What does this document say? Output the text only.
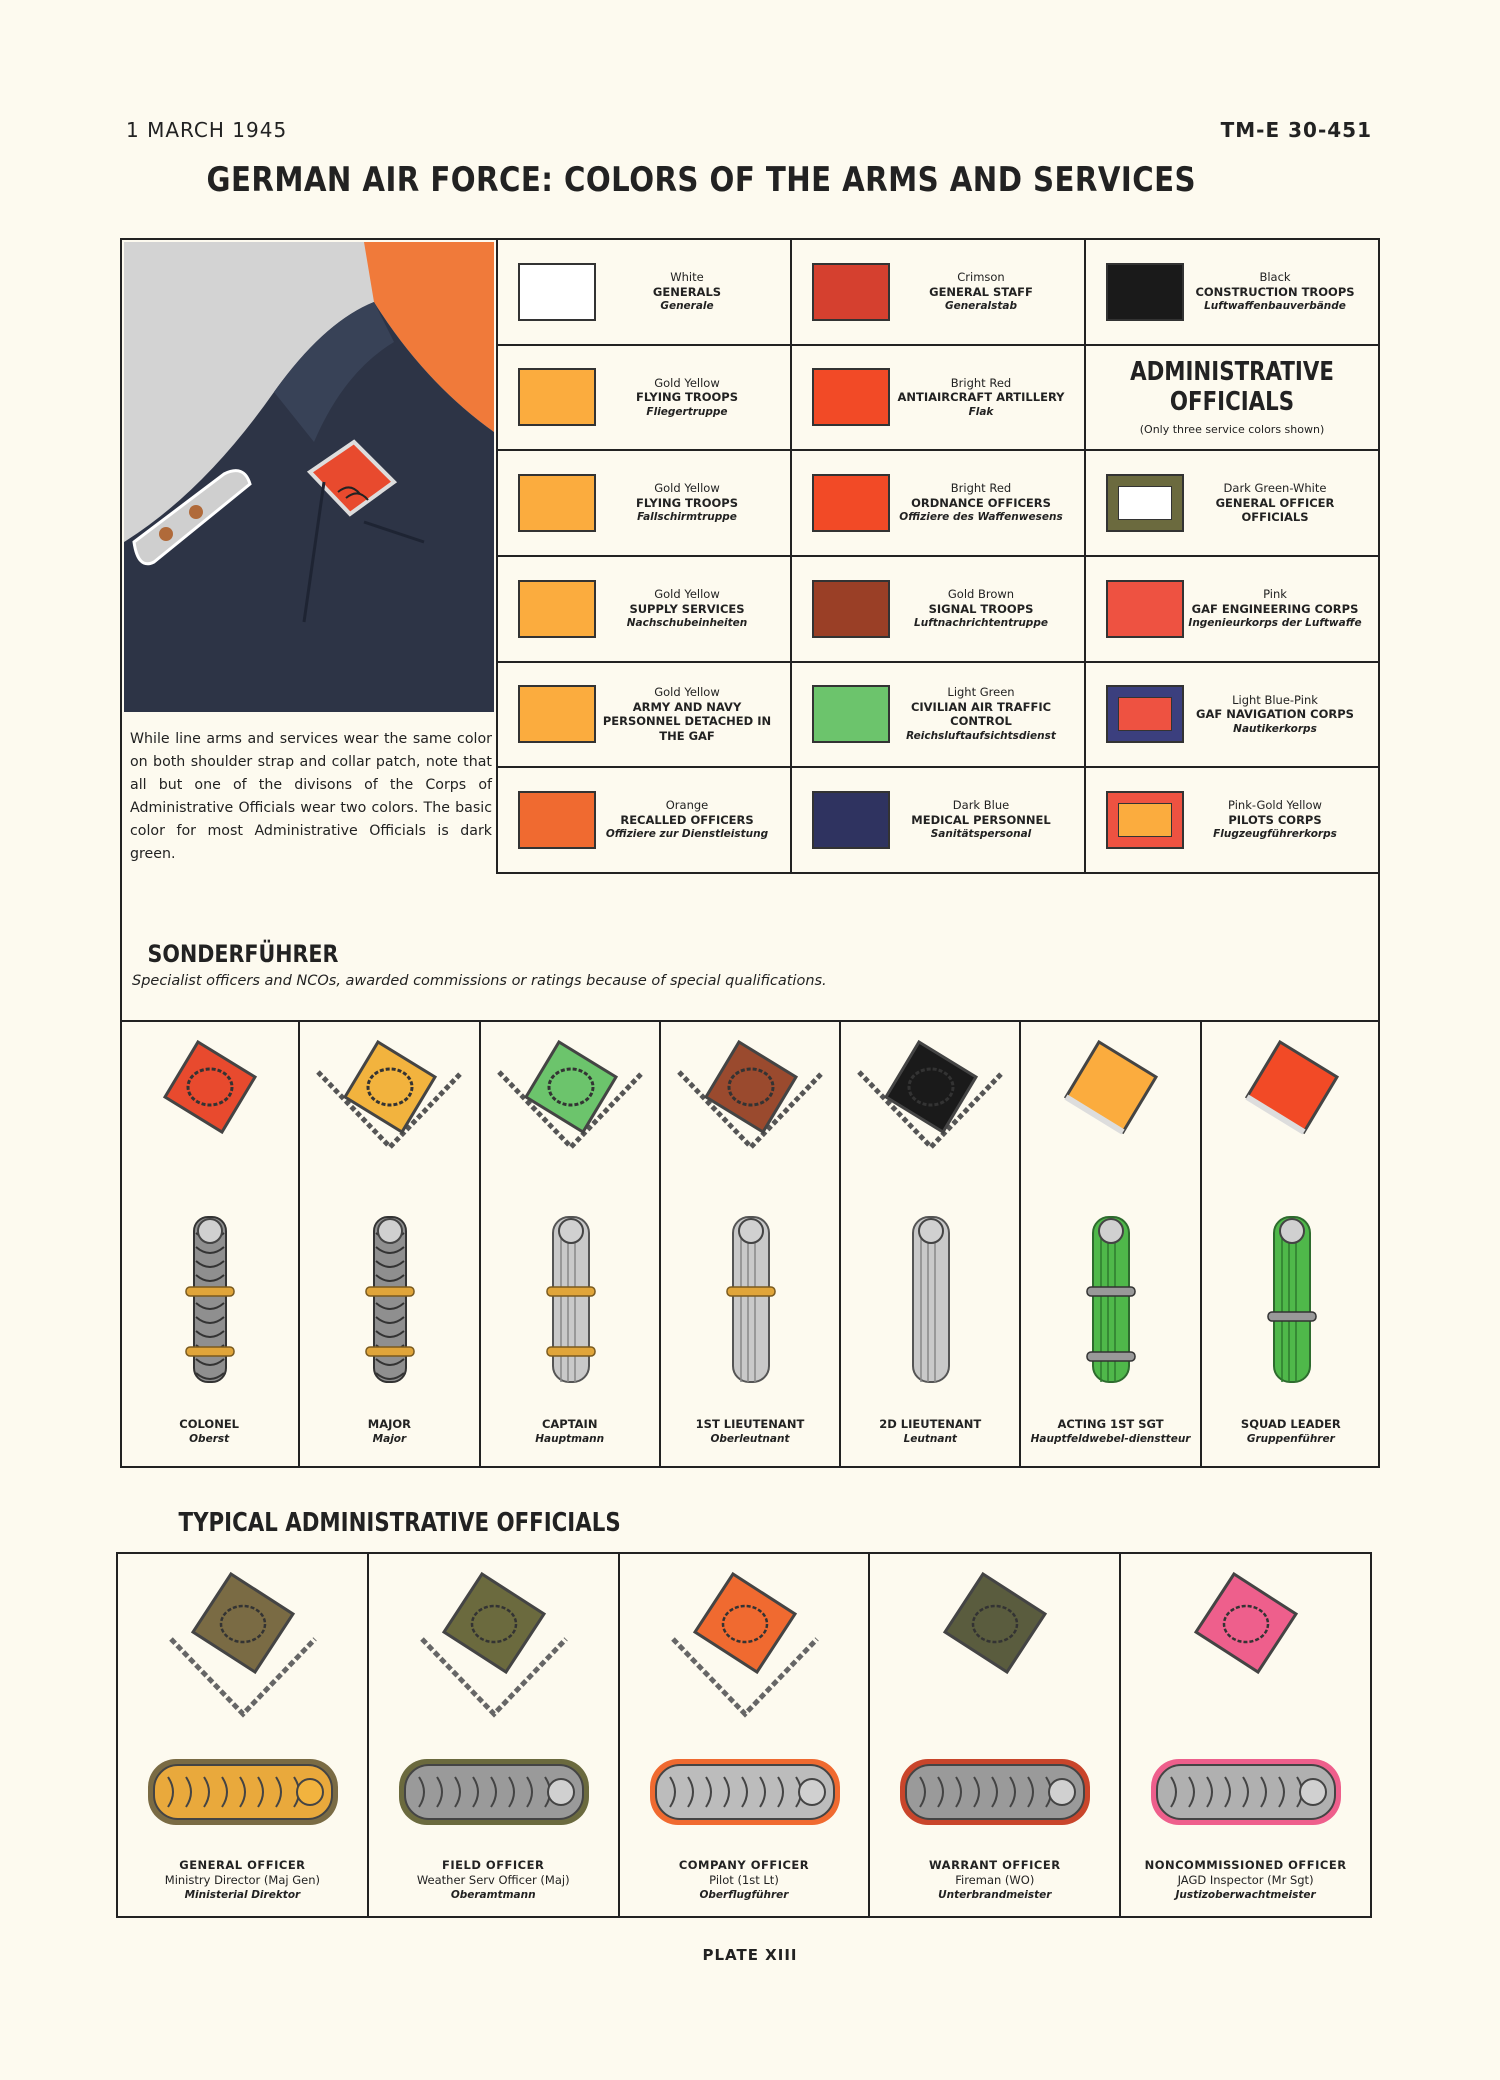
1 MARCH 1945	TM-E 30-451
GERMAN AIR FORCE: COLORS OF THE ARMS AND SERVICES
While line arms and services wear the same color on both shoulder strap and collar patch, note that all but one of the divisons of the Corps of Administrative Officials wear two colors. The basic color for most Administrative Officials is dark green.
White
GENERALS
Generale
Crimson
GENERAL STAFF
Generalstab
Black
CONSTRUCTION TROOPS
Luftwaffenbauverbände
Gold Yellow
FLYING TROOPS
Fliegertruppe
Bright Red
ANTIAIRCRAFT ARTILLERY
Flak
ADMINISTRATIVE OFFICIALS
(Only three service colors shown)
Gold Yellow
FLYING TROOPS
Fallschirmtruppe
Bright Red
ORDNANCE OFFICERS
Offiziere des Waffenwesens
Dark Green-White
GENERAL OFFICER OFFICIALS
Gold Yellow
SUPPLY SERVICES
Nachschubeinheiten
Gold Brown
SIGNAL TROOPS
Luftnachrichtentruppe
Pink
GAF ENGINEERING CORPS
Ingenieurkorps der Luftwaffe
Gold Yellow
ARMY AND NAVY PERSONNEL DETACHED IN THE GAF
Light Green
CIVILIAN AIR TRAFFIC CONTROL
Reichsluftaufsichtsdienst
Light Blue-Pink
GAF NAVIGATION CORPS
Nautikerkorps
Orange
RECALLED OFFICERS
Offiziere zur Dienstleistung
Dark Blue
MEDICAL PERSONNEL
Sanitätspersonal
Pink-Gold Yellow
PILOTS CORPS
Flugzeugführerkorps
SONDERFÜHRER
Specialist officers and NCOs, awarded commissions or ratings because of special qualifications.
COLONEL
Oberst
MAJOR
Major
CAPTAIN
Hauptmann
1ST LIEUTENANT
Oberleutnant
2D LIEUTENANT
Leutnant
ACTING 1ST SGT
Hauptfeldwebel-dienstteur
SQUAD LEADER
Gruppenführer
TYPICAL ADMINISTRATIVE OFFICIALS
GENERAL OFFICER
Ministry Director (Maj Gen)
Ministerial Direktor
FIELD OFFICER
Weather Serv Officer (Maj)
Oberamtmann
COMPANY OFFICER
Pilot (1st Lt)
Oberflugführer
WARRANT OFFICER
Fireman (WO)
Unterbrandmeister
NONCOMMISSIONED OFFICER
JAGD Inspector (Mr Sgt)
Justizoberwachtmeister
PLATE XIII
